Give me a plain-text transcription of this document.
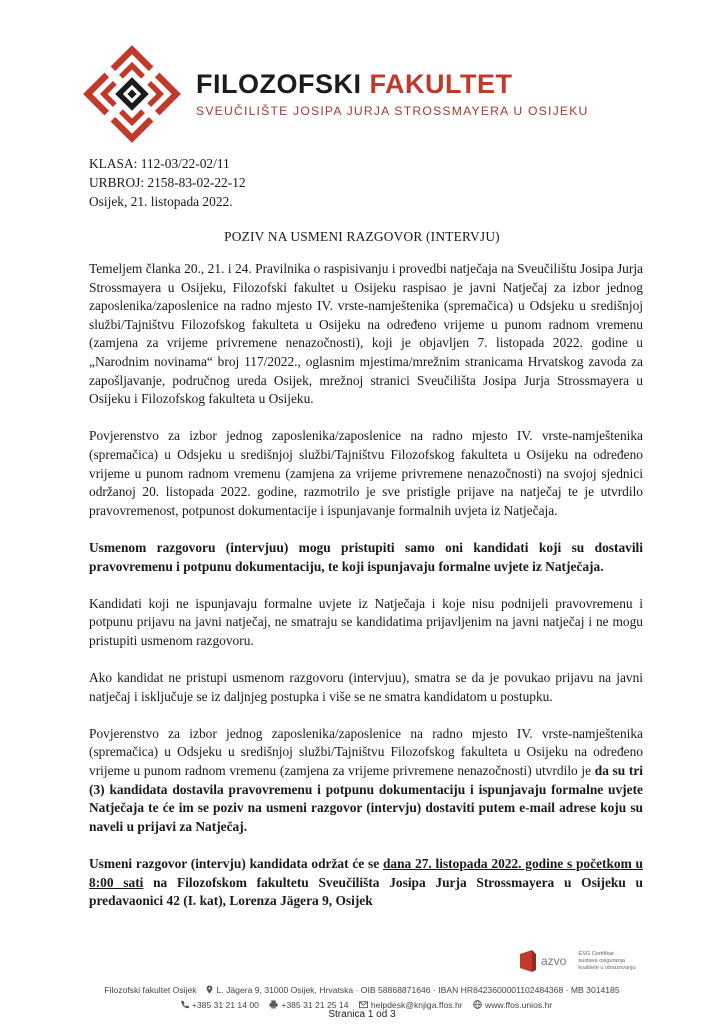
FILOZOFSKI FAKULTET
SVEUČILIŠTE JOSIPA JURJA STROSSMAYERA U OSIJEKU
KLASA: 112-03/22-02/11
URBROJ: 2158-83-02-22-12
Osijek, 21. listopada 2022.
POZIV NA USMENI RAZGOVOR (INTERVJU)

Temeljem članka 20., 21. i 24. Pravilnika o raspisivanju i provedbi natječaja na Sveučilištu Josipa Jurja Strossmayera u Osijeku, Filozofski fakultet u Osijeku raspisao je javni Natječaj za izbor jednog zaposlenika/zaposlenice na radno mjesto IV. vrste-namještenika (spremačica) u Odsjeku u središnjoj službi/Tajništvu Filozofskog fakulteta u Osijeku na određeno vrijeme u punom radnom vremenu (zamjena za vrijeme privremene nenazočnosti), koji je objavljen 7. listopada 2022. godine u „Narodnim novinama“ broj 117/2022., oglasnim mjestima/mrežnim stranicama Hrvatskog zavoda za zapošljavanje, područnog ureda Osijek, mrežnoj stranici Sveučilišta Josipa Jurja Strossmayera u Osijeku i Filozofskog fakulteta u Osijeku.

Povjerenstvo za izbor jednog zaposlenika/zaposlenice na radno mjesto IV. vrste-namještenika (spremačica) u Odsjeku u središnjoj službi/Tajništvu Filozofskog fakulteta u Osijeku na određeno vrijeme u punom radnom vremenu (zamjena za vrijeme privremene nenazočnosti) na svojoj sjednici održanoj 20. listopada 2022. godine, razmotrilo je sve pristigle prijave na natječaj te je utvrdilo pravovremenost, potpunost dokumentacije i ispunjavanje formalnih uvjeta iz Natječaja.

Usmenom razgovoru (intervjuu) mogu pristupiti samo oni kandidati koji su dostavili pravovremenu i potpunu dokumentaciju, te koji ispunjavaju formalne uvjete iz Natječaja.

Kandidati koji ne ispunjavaju formalne uvjete iz Natječaja i koje nisu podnijeli pravovremenu i potpunu prijavu na javni natječaj, ne smatraju se kandidatima prijavljenim na javni natječaj i ne mogu pristupiti usmenom razgovoru.

Ako kandidat ne pristupi usmenom razgovoru (intervjuu), smatra se da je povukao prijavu na javni natječaj i isključuje se iz daljnjeg postupka i više se ne smatra kandidatom u postupku.

Povjerenstvo za izbor jednog zaposlenika/zaposlenice na radno mjesto IV. vrste-namještenika (spremačica) u Odsjeku u središnjoj službi/Tajništvu Filozofskog fakulteta u Osijeku na određeno vrijeme u punom radnom vremenu (zamjena za vrijeme privremene nenazočnosti) utvrdilo je da su tri (3) kandidata dostavila pravovremenu i potpunu dokumentaciju i ispunjavaju formalne uvjete Natječaja te će im se poziv na usmeni razgovor (intervju) dostaviti putem e-mail adrese koju su naveli u prijavi za Natječaj.

Usmeni razgovor (intervju) kandidata održat će se dana 27. listopada 2022. godine s početkom u 8:00 sati na Filozofskom fakultetu Sveučilišta Josipa Jurja Strossmayera u Osijeku u predavaonici 42 (I. kat), Lorenza Jägera 9, Osijek

azvo
ESG Certifikat
sustava osiguranja
kvalitete u obrazovanju
Filozofski fakultet Osijek L. Jägera 9, 31000 Osijek, Hrvatska · OIB 58868871646 · IBAN HR8423600001102484368 · MB 3014185
+385 31 21 14 00	+385 31 21 25 14	helpdesk@knjiga.ffos.hr	www.ffos.unios.hr
Stranica 1 od 3
